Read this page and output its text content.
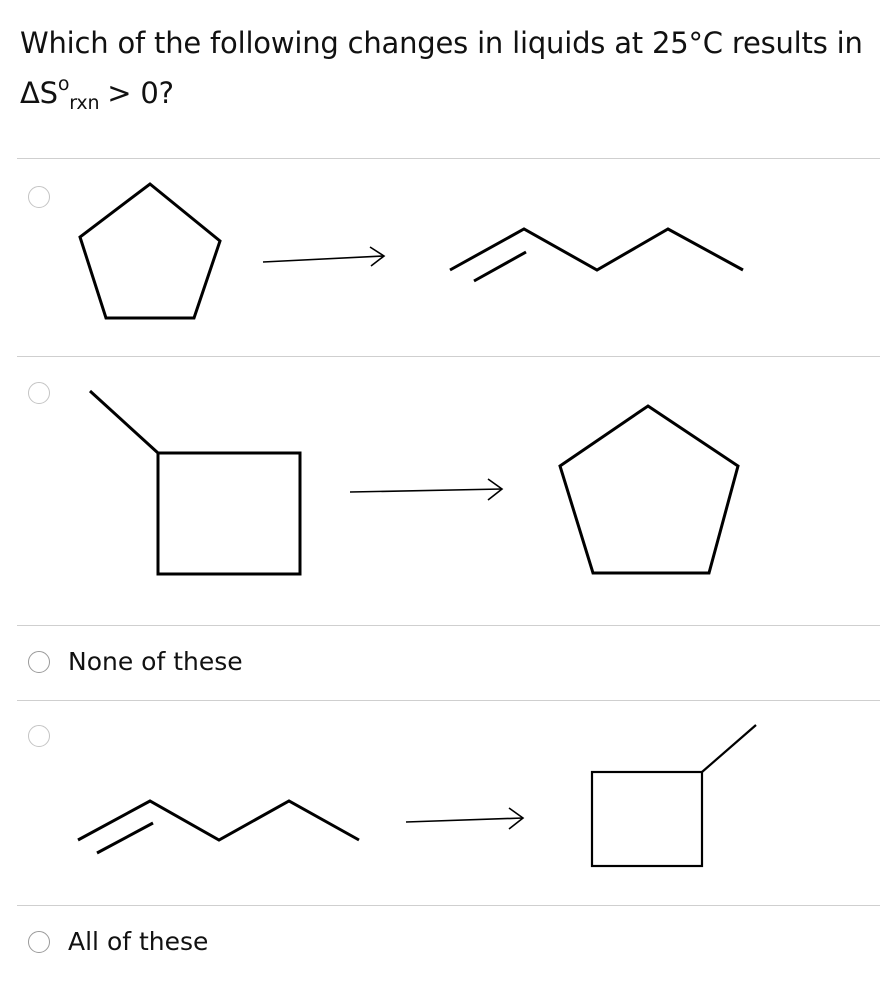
Which of the following changes in liquids at 25°C results in
$\Delta S^o_{rxn} > 0$?
None of these
All of these
